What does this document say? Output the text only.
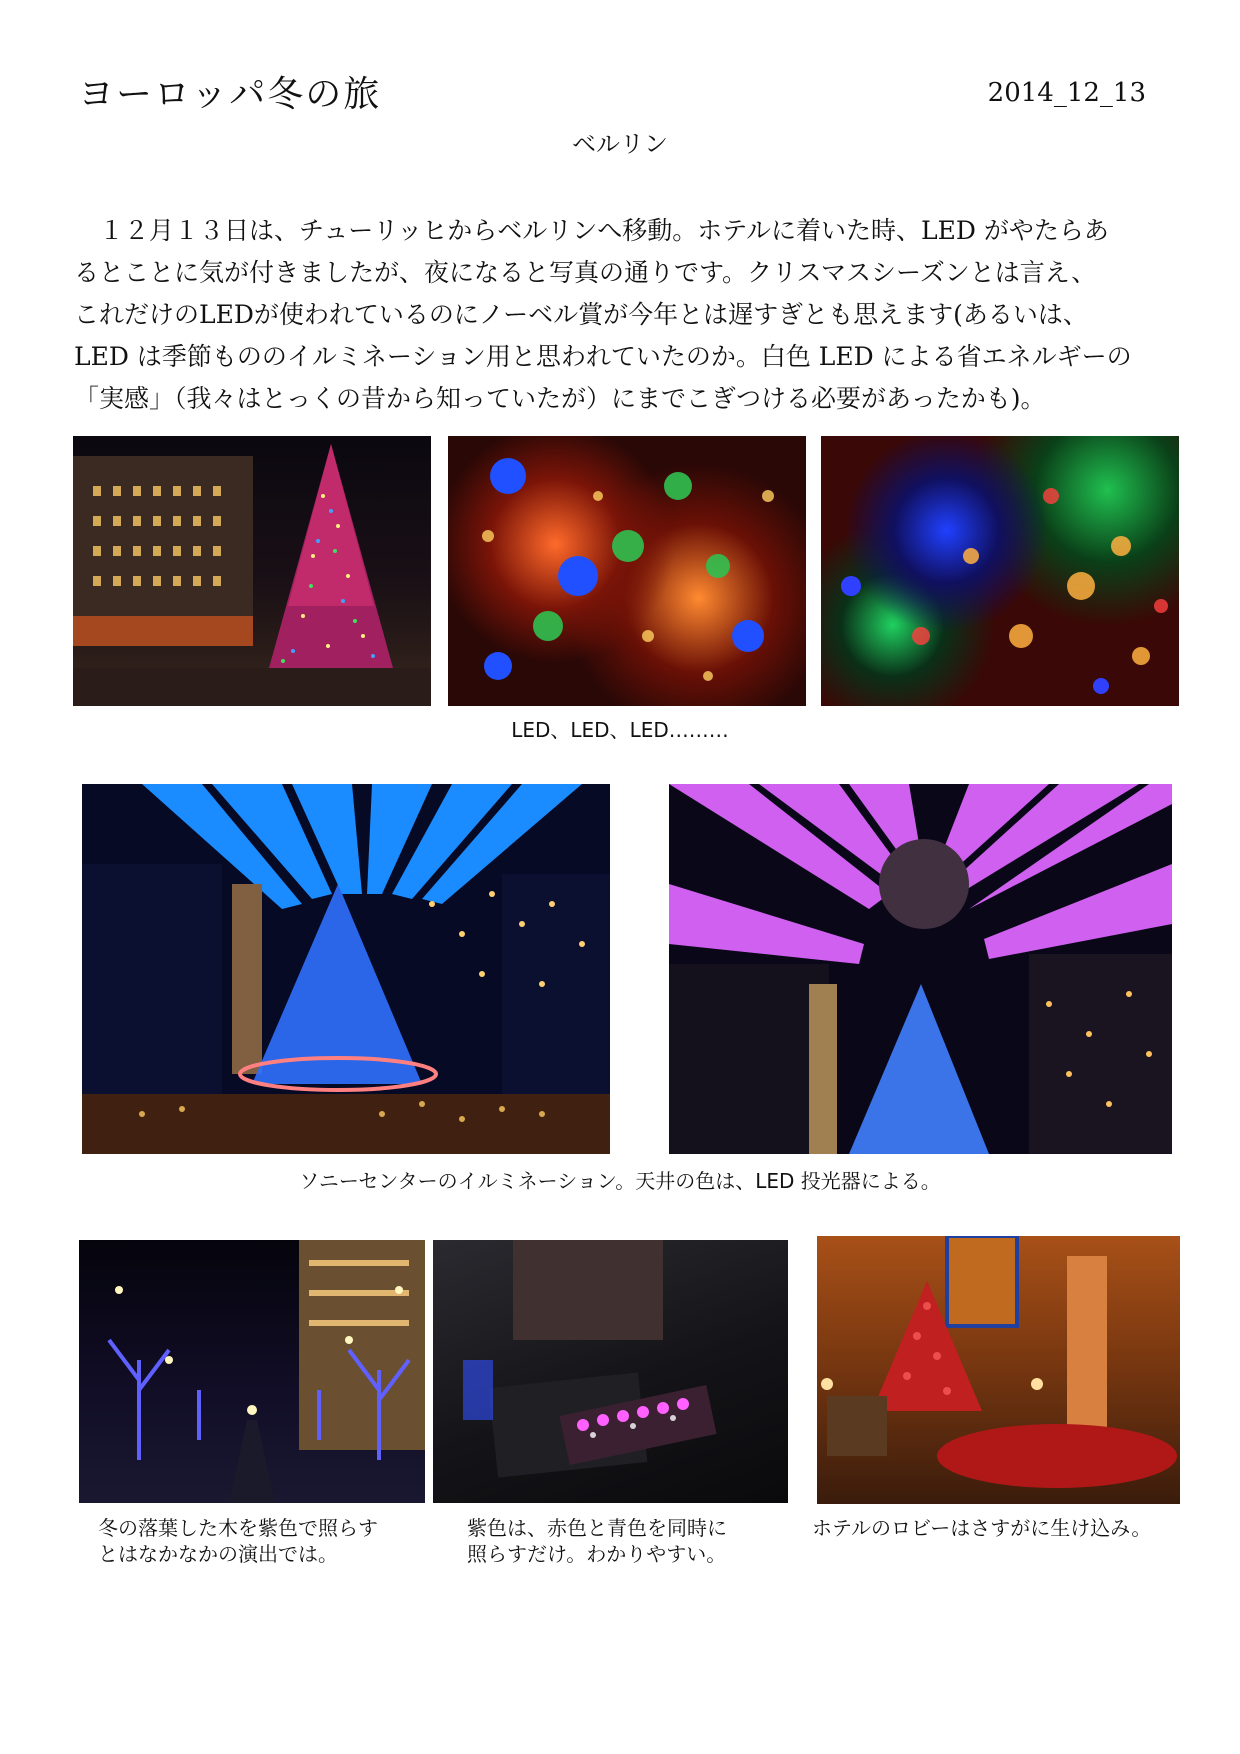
ヨーロッパ冬の旅	2014_12_13
ベルリン

　１２月１３日は、チューリッヒからベルリンへ移動。ホテルに着いた時、LED がやたらあ

るとことに気が付きましたが、夜になると写真の通りです。クリスマスシーズンとは言え、

これだけのLEDが使われているのにノーベル賞が今年とは遅すぎとも思えます(あるいは、

LED は季節もののイルミネーション用と思われていたのか。白色 LED による省エネルギーの

「実感」（我々はとっくの昔から知っていたが）にまでこぎつける必要があったかも)。

LED、LED、LED………
ソニーセンターのイルミネーション。天井の色は、LED 投光器による。
冬の落葉した木を紫色で照らす
とはなかなかの演出では。
紫色は、赤色と青色を同時に
照らすだけ。わかりやすい。
ホテルのロビーはさすがに生け込み。
